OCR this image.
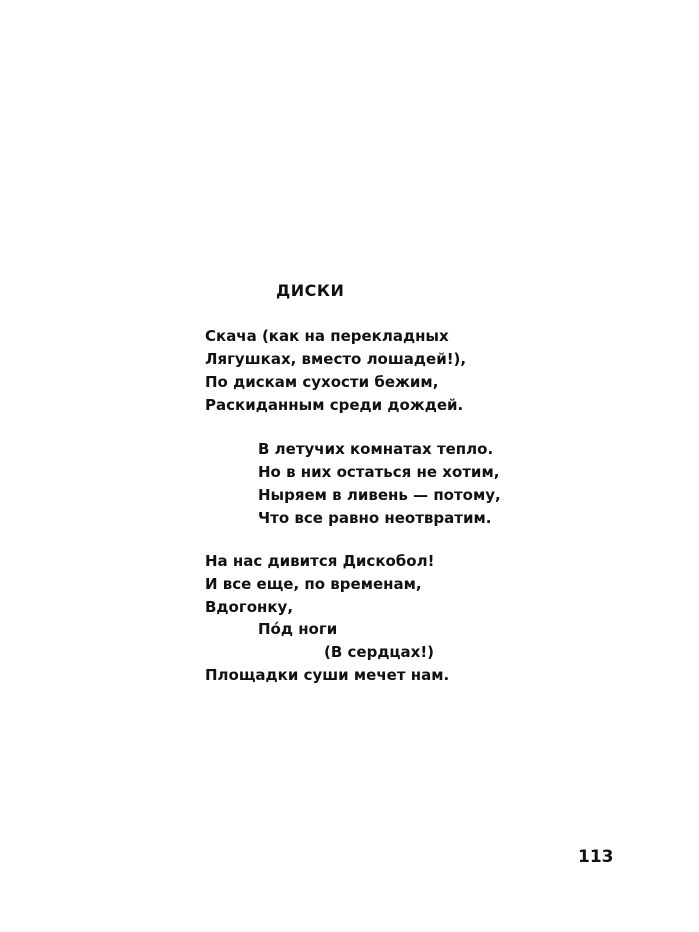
ДИСКИ
Скача (как на перекладных
Лягушках, вместо лошадей!),
По дискам сухости бежим,
Раскиданным среди дождей.
В летучих комнатах тепло.
Но в них остаться не хотим,
Ныряем в ливень — потому,
Что все равно неотвратим.
На нас дивится Дискобол!
И все еще, по временам,
Вдогонку,
По́д ноги
(В сердцах!)
Площадки суши мечет нам.
113
